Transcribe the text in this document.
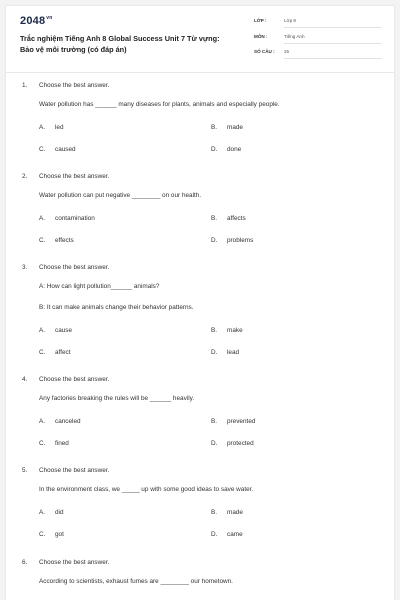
$2048^{vn}$
Trắc nghiệm Tiếng Anh 8 Global Success Unit 7 Từ vựng:
Bảo vệ môi trường (có đáp án)
LỚP :	Lớp 8
MÔN :	Tiếng Anh
SỐ CÂU : 25
1. Choose the best answer.
Water pollution has ______ many diseases for plants, animals and especially people.
A. led	B. made
C. caused	D. done
2. Choose the best answer.
Water pollution can put negative ________ on our health.
A. contamination	B. affects
C. effects	D. problems
3. Choose the best answer.
A: How can light pollution______ animals?
B: It can make animals change their behavior patterns.
A. cause	B. make
C. affect	D. lead
4. Choose the best answer.
Any factories breaking the rules will be ______ heavily.
A. canceled	B. prevented
C. fined	D. protected
5. Choose the best answer.
In the environment class, we _____ up with some good ideas to save water.
A. did	B. made
C. got	D. came
6. Choose the best answer.
According to scientists, exhaust fumes are ________ our hometown.
